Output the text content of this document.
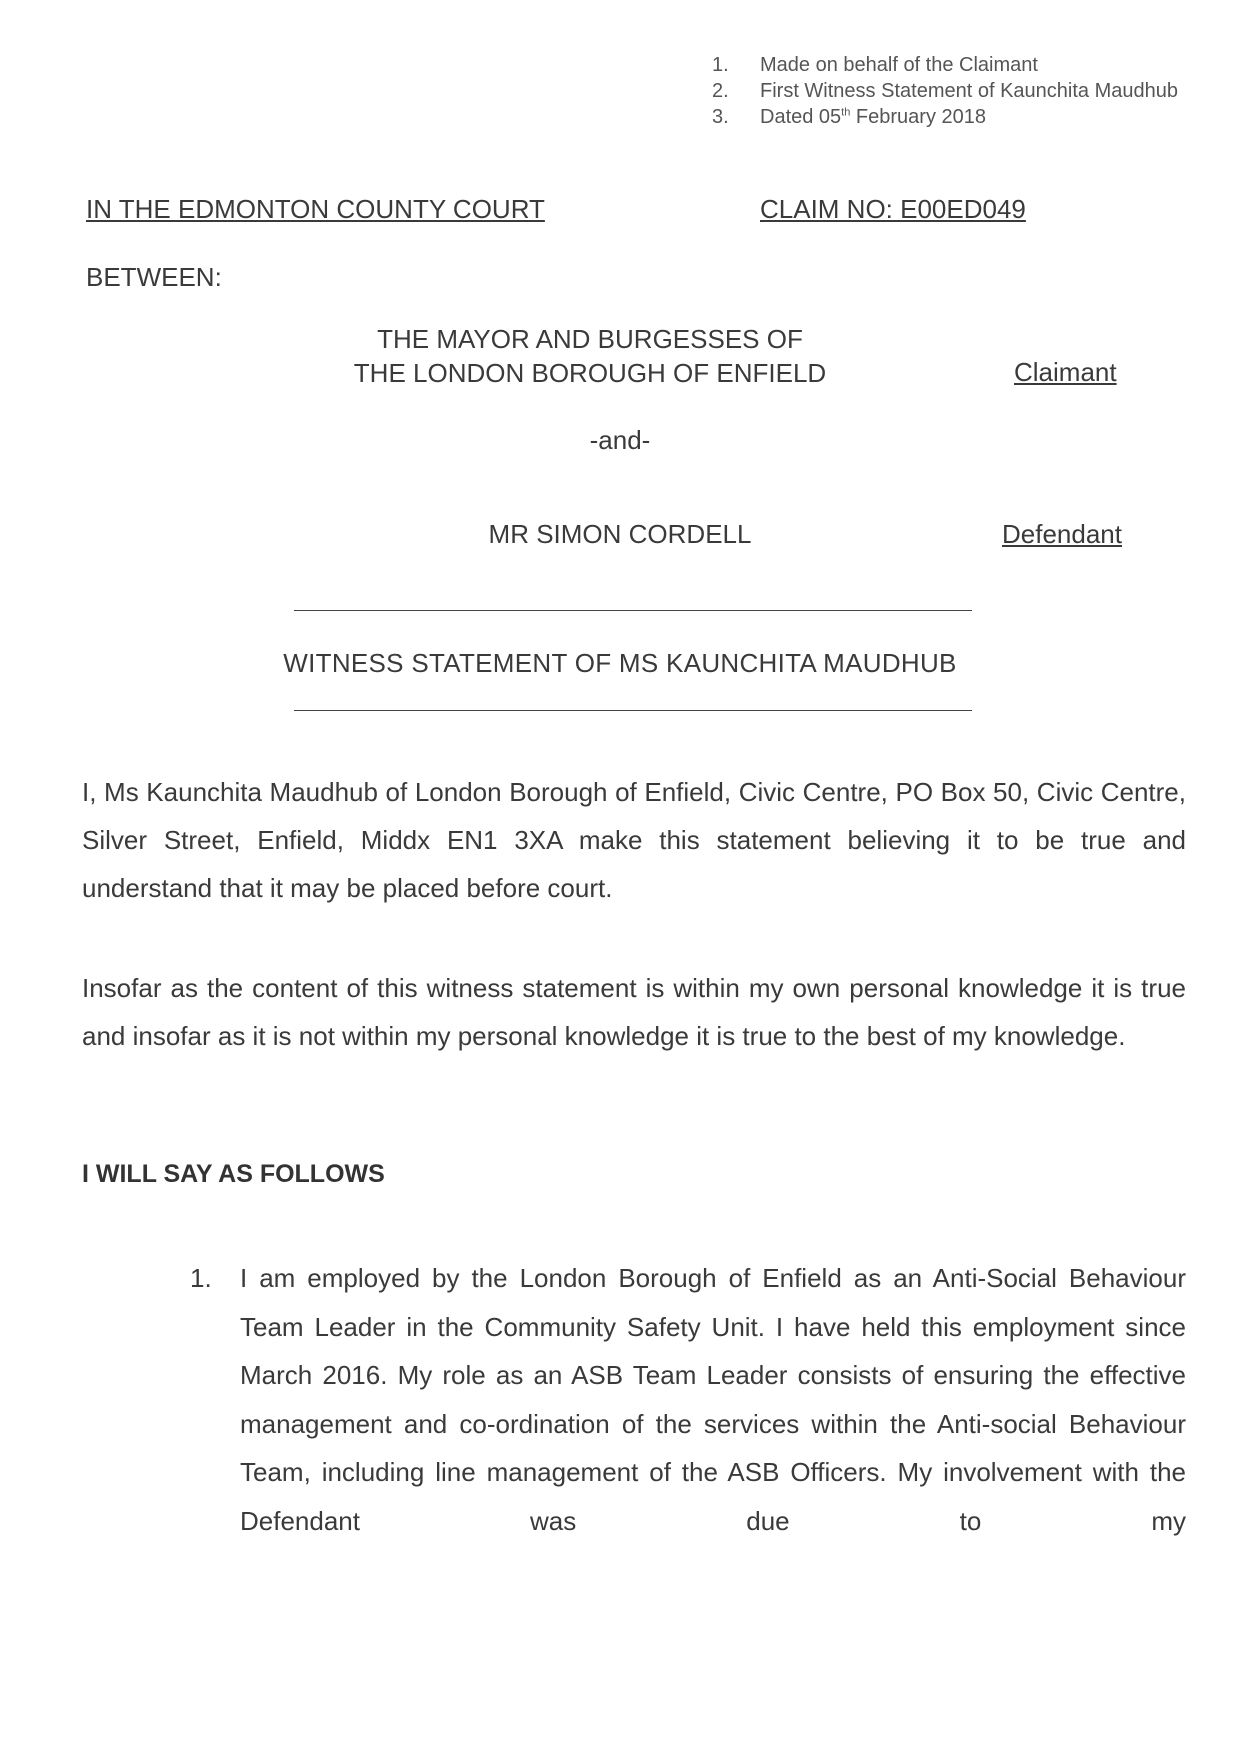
1.	Made on behalf of the Claimant
2.	First Witness Statement of Kaunchita Maudhub
3.	Dated 05th February 2018
IN THE EDMONTON COUNTY COURT	CLAIM NO: E00ED049
BETWEEN:
THE MAYOR AND BURGESSES OF
THE LONDON BOROUGH OF ENFIELD	Claimant
-and-
MR SIMON CORDELL	Defendant
WITNESS STATEMENT OF MS KAUNCHITA MAUDHUB

I, Ms Kaunchita Maudhub of London Borough of Enfield, Civic Centre, PO Box 50, Civic Centre, Silver Street, Enfield, Middx EN1 3XA make this statement believing it to be true and understand that it may be placed before court.

Insofar as the content of this witness statement is within my own personal knowledge it is true and insofar as it is not within my personal knowledge it is true to the best of my knowledge.

I WILL SAY AS FOLLOWS

1.	I am employed by the London Borough of Enfield as an Anti-Social Behaviour Team Leader in the Community Safety Unit. I have held this employment since March 2016. My role as an ASB Team Leader consists of ensuring the effective management and co-ordination of the services within the Anti-social Behaviour Team, including line management of the ASB Officers. My involvement with the Defendant was due to my
